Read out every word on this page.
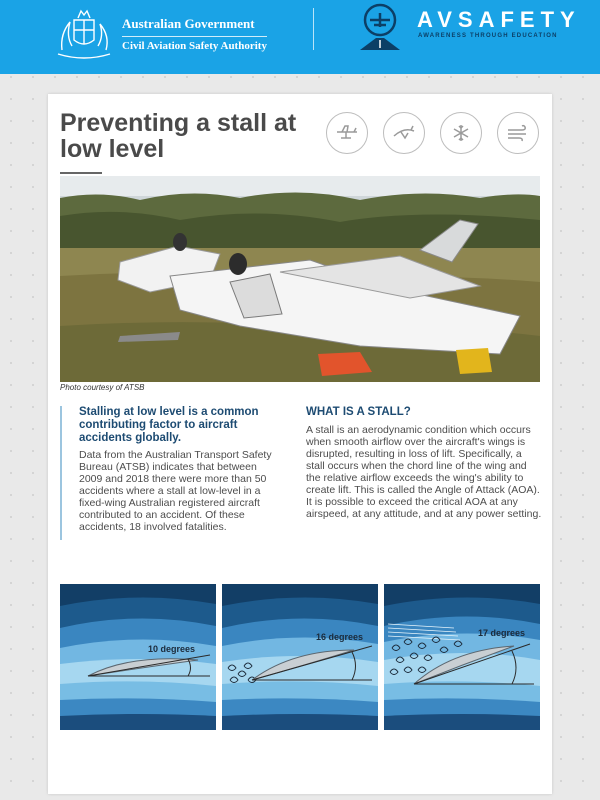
Australian Government
Civil Aviation Safety Authority
AVSAFETY
AWARENESS THROUGH EDUCATION
Preventing a stall at low level
Photo courtesy of ATSB

Stalling at low level is a common contributing factor to aircraft accidents globally.

Data from the Australian Transport Safety Bureau (ATSB) indicates that between 2009 and 2018 there were more than 50 accidents where a stall at low-level in a fixed-wing Australian registered aircraft contributed to an accident. Of these accidents, 18 involved fatalities.

WHAT IS A STALL?

A stall is an aerodynamic condition which occurs when smooth airflow over the aircraft's wings is disrupted, resulting in loss of lift. Specifically, a stall occurs when the chord line of the wing and the relative airflow exceeds the wing's ability to create lift. This is called the Angle of Attack (AOA). It is possible to exceed the critical AOA at any airspeed, at any attitude, and at any power setting.

10 degrees
16 degrees	17 degrees
